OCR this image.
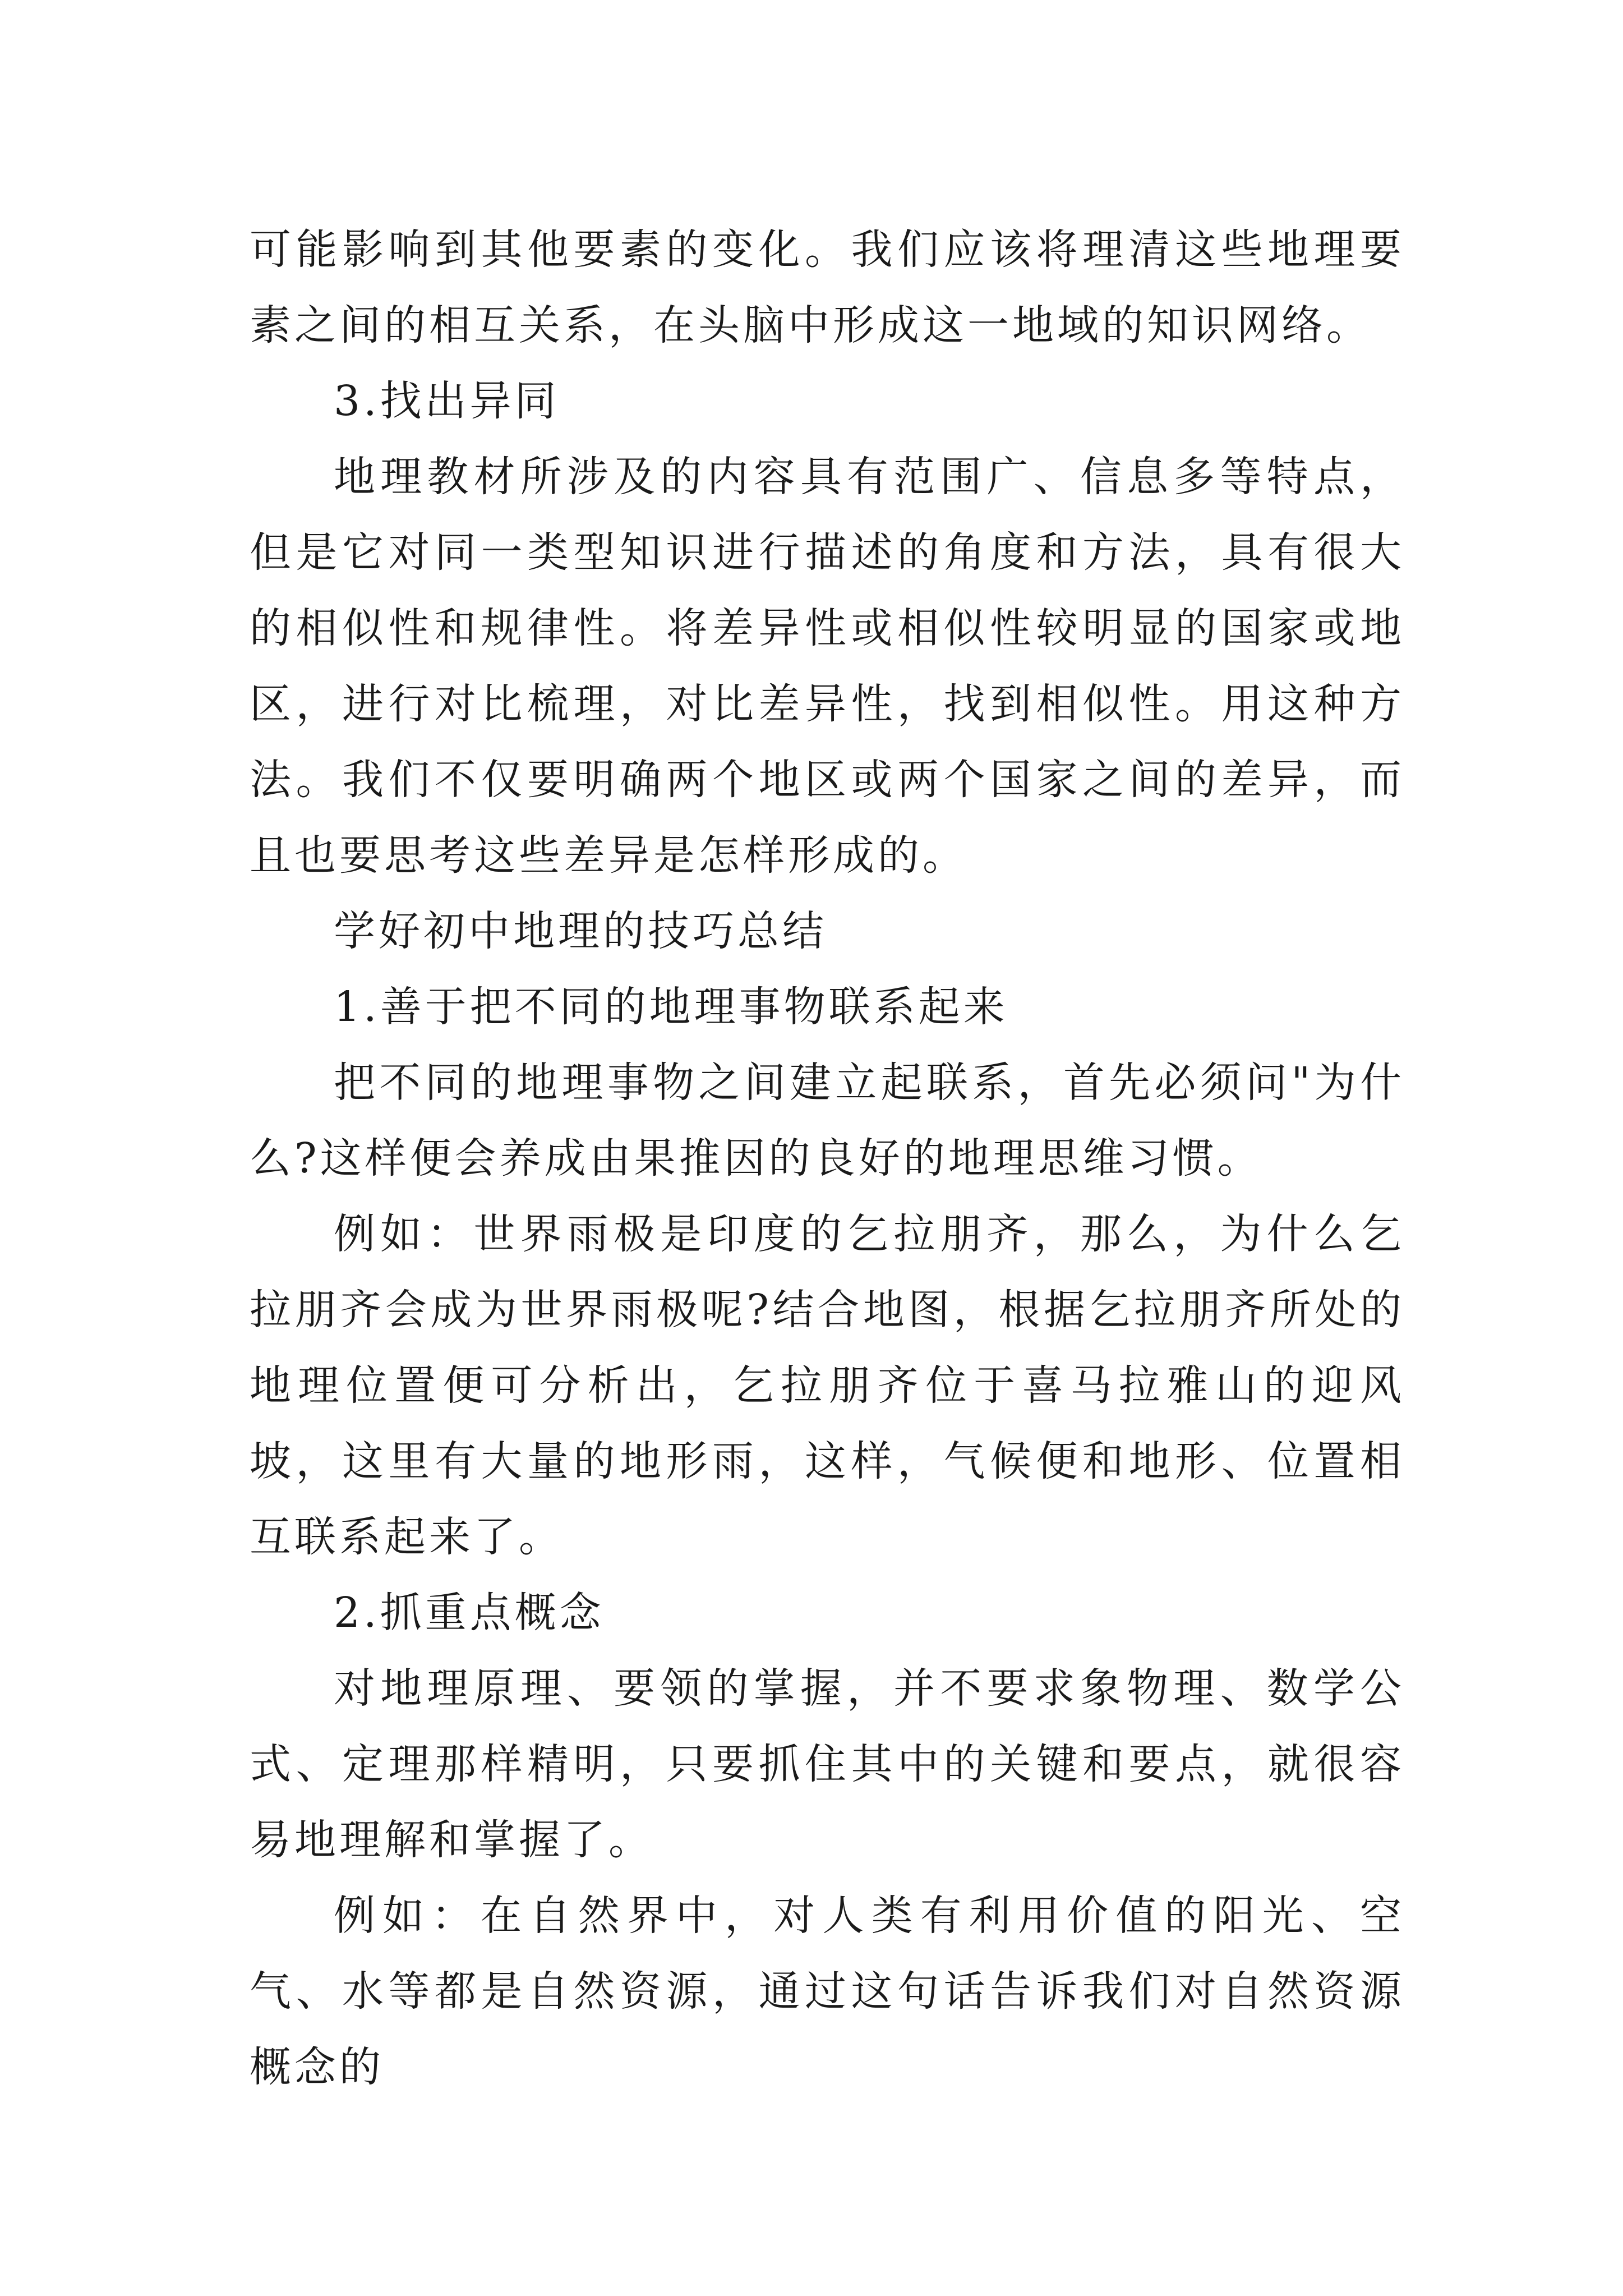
可能影响到其他要素的变化。我们应该将理清这些地理要素之间的相互关系，在头脑中形成这一地域的知识网络。

3.找出异同

地理教材所涉及的内容具有范围广、信息多等特点，但是它对同一类型知识进行描述的角度和方法，具有很大的相似性和规律性。将差异性或相似性较明显的国家或地区，进行对比梳理，对比差异性，找到相似性。用这种方法。我们不仅要明确两个地区或两个国家之间的差异，而且也要思考这些差异是怎样形成的。

学好初中地理的技巧总结

1.善于把不同的地理事物联系起来

把不同的地理事物之间建立起联系，首先必须问"为什么?这样便会养成由果推因的良好的地理思维习惯。

例如：世界雨极是印度的乞拉朋齐，那么，为什么乞拉朋齐会成为世界雨极呢?结合地图，根据乞拉朋齐所处的地理位置便可分析出，乞拉朋齐位于喜马拉雅山的迎风坡，这里有大量的地形雨，这样，气候便和地形、位置相互联系起来了。

2.抓重点概念

对地理原理、要领的掌握，并不要求象物理、数学公式、定理那样精明，只要抓住其中的关键和要点，就很容易地理解和掌握了。

例如：在自然界中，对人类有利用价值的阳光、空气、水等都是自然资源，通过这句话告诉我们对自然资源概念的
